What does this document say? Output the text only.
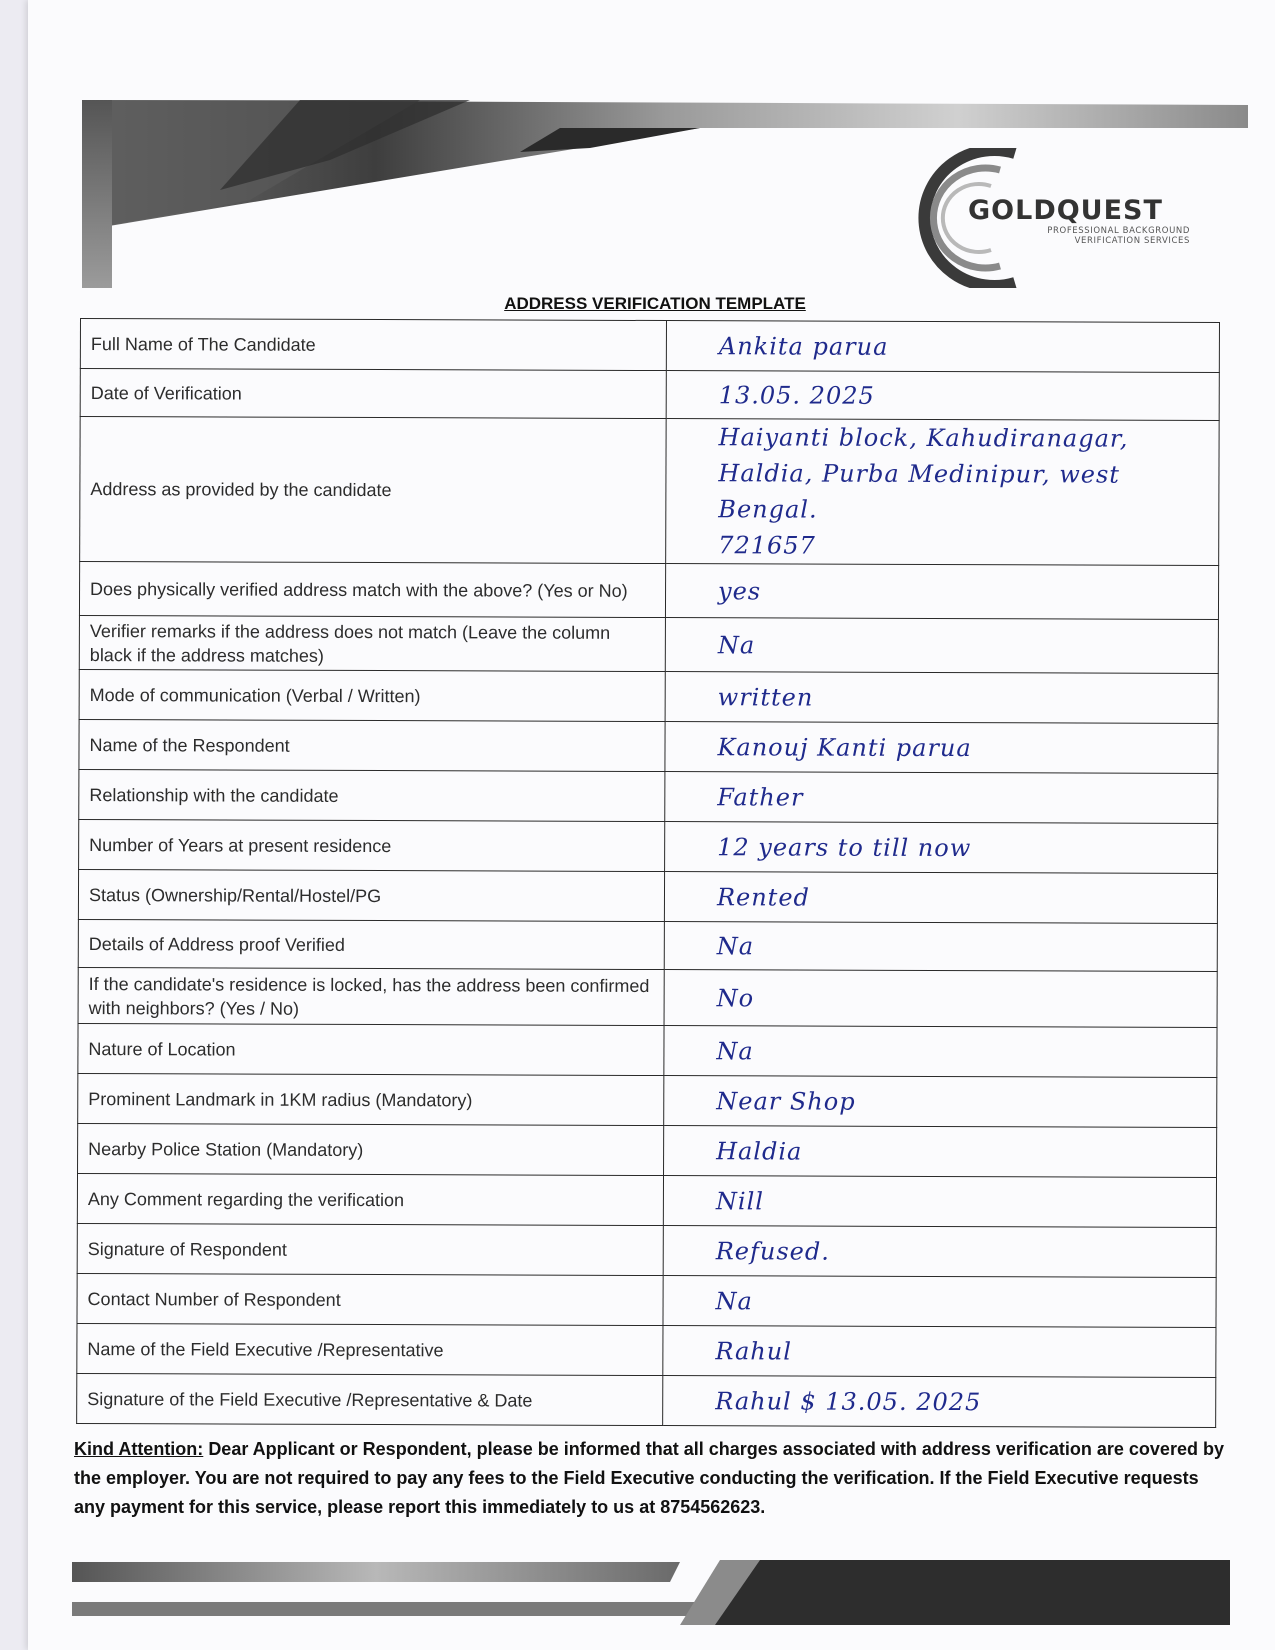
GOLDQUEST
PROFESSIONAL BACKGROUND
VERIFICATION SERVICES
ADDRESS VERIFICATION TEMPLATE
Full Name of The Candidate	Ankita parua
Date of Verification	13.05. 2025
Address as provided by the candidate	Haiyanti block, Kahudiranagar,
Haldia, Purba Medinipur, west Bengal.
721657

Does physically verified address match with the above? (Yes or No)	yes
Verifier remarks if the address does not match (Leave the column black if the address matches)	Na
Mode of communication (Verbal / Written)	written
Name of the Respondent	Kanouj Kanti parua
Relationship with the candidate	Father
Number of Years at present residence	12 years to till now
Status (Ownership/Rental/Hostel/PG	Rented
Details of Address proof Verified	Na
If the candidate's residence is locked, has the address been confirmed with neighbors? (Yes / No)	No
Nature of Location	Na
Prominent Landmark in 1KM radius (Mandatory)	Near Shop
Nearby Police Station (Mandatory)	Haldia
Any Comment regarding the verification	Nill
Signature of Respondent	Refused.
Contact Number of Respondent	Na
Name of the Field Executive /Representative	Rahul
Signature of the Field Executive /Representative & Date	Rahul $ 13.05. 2025
Kind Attention: Dear Applicant or Respondent, please be informed that all charges associated with address verification are covered by the employer. You are not required to pay any fees to the Field Executive conducting the verification. If the Field Executive requests any payment for this service, please report this immediately to us at 8754562623.
